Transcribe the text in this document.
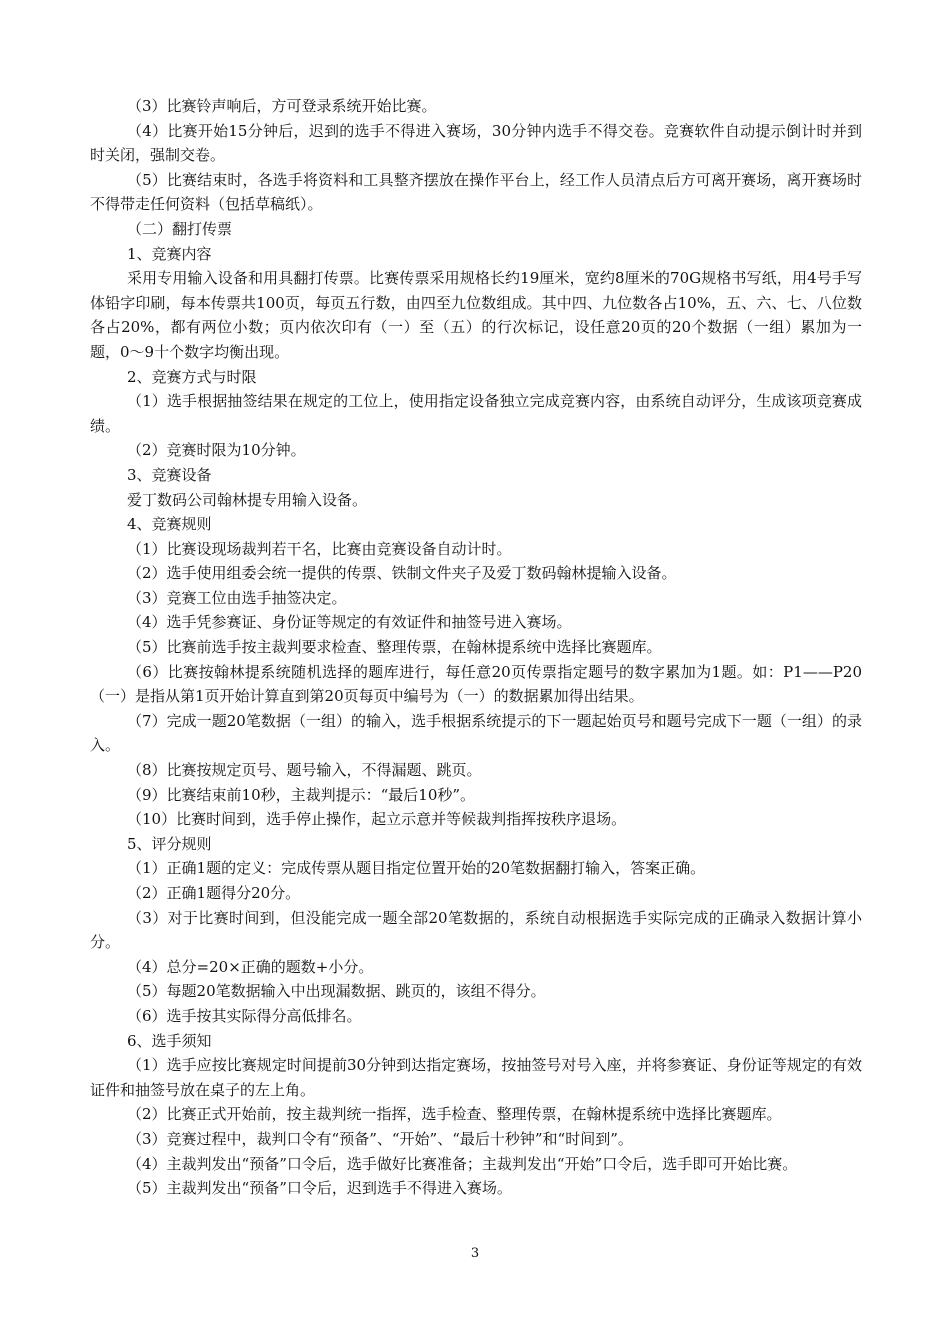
（3）比赛铃声响后，方可登录系统开始比赛。

（4）比赛开始15分钟后，迟到的选手不得进入赛场，30分钟内选手不得交卷。竞赛软件自动提示倒计时并到时关闭，强制交卷。

（5）比赛结束时，各选手将资料和工具整齐摆放在操作平台上，经工作人员清点后方可离开赛场，离开赛场时不得带走任何资料（包括草稿纸）。

（二）翻打传票

1、竞赛内容

采用专用输入设备和用具翻打传票。比赛传票采用规格长约19厘米，宽约8厘米的70G规格书写纸，用4号手写体铅字印刷，每本传票共100页，每页五行数，由四至九位数组成。其中四、九位数各占10%，五、六、七、八位数各占20%，都有两位小数；页内依次印有（一）至（五）的行次标记，设任意20页的20个数据（一组）累加为一题，0～9十个数字均衡出现。

2、竞赛方式与时限

（1）选手根据抽签结果在规定的工位上，使用指定设备独立完成竞赛内容，由系统自动评分，生成该项竞赛成绩。

（2）竞赛时限为10分钟。

3、竞赛设备

爱丁数码公司翰林提专用输入设备。

4、竞赛规则

（1）比赛设现场裁判若干名，比赛由竞赛设备自动计时。

（2）选手使用组委会统一提供的传票、铁制文件夹子及爱丁数码翰林提输入设备。

（3）竞赛工位由选手抽签决定。

（4）选手凭参赛证、身份证等规定的有效证件和抽签号进入赛场。

（5）比赛前选手按主裁判要求检查、整理传票，在翰林提系统中选择比赛题库。

（6）比赛按翰林提系统随机选择的题库进行，每任意20页传票指定题号的数字累加为1题。如：P1——P20（一）是指从第1页开始计算直到第20页每页中编号为（一）的数据累加得出结果。

（7）完成一题20笔数据（一组）的输入，选手根据系统提示的下一题起始页号和题号完成下一题（一组）的录入。

（8）比赛按规定页号、题号输入，不得漏题、跳页。

（9）比赛结束前10秒，主裁判提示：“最后10秒”。

（10）比赛时间到，选手停止操作，起立示意并等候裁判指挥按秩序退场。

5、评分规则

（1）正确1题的定义：完成传票从题目指定位置开始的20笔数据翻打输入，答案正确。

（2）正确1题得分20分。

（3）对于比赛时间到，但没能完成一题全部20笔数据的，系统自动根据选手实际完成的正确录入数据计算小分。

（4）总分=20×正确的题数+小分。

（5）每题20笔数据输入中出现漏数据、跳页的，该组不得分。

（6）选手按其实际得分高低排名。

6、选手须知

（1）选手应按比赛规定时间提前30分钟到达指定赛场，按抽签号对号入座，并将参赛证、身份证等规定的有效证件和抽签号放在桌子的左上角。

（2）比赛正式开始前，按主裁判统一指挥，选手检查、整理传票，在翰林提系统中选择比赛题库。

（3）竞赛过程中，裁判口令有“预备”、“开始”、“最后十秒钟”和“时间到”。

（4）主裁判发出“预备”口令后，选手做好比赛准备；主裁判发出“开始”口令后，选手即可开始比赛。

（5）主裁判发出“预备”口令后，迟到选手不得进入赛场。

3
